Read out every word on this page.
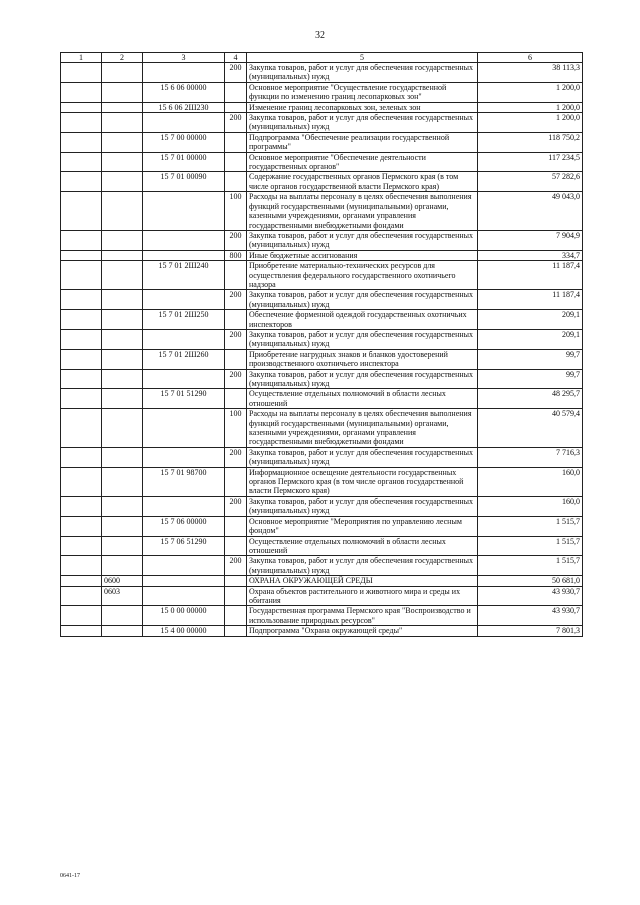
32
1	2	3	4	5	6
			200	Закупка товаров, работ и услуг для обеспечения государственных (муниципальных) нужд	38 113,3
		15 6 06 00000		Основное мероприятие "Осуществление государственной функции по изменению границ лесопарковых зон"	1 200,0
		15 6 06 2Ш230		Изменение границ лесопарковых зон, зеленых зон	1 200,0
			200	Закупка товаров, работ и услуг для обеспечения государственных (муниципальных) нужд	1 200,0
		15 7 00 00000		Подпрограмма "Обеспечение реализации государственной программы"	118 750,2
		15 7 01 00000		Основное мероприятие "Обеспечение деятельности государственных органов"	117 234,5
		15 7 01 00090		Содержание государственных органов Пермского края (в том числе органов государственной власти Пермского края)	57 282,6
			100	Расходы на выплаты персоналу в целях обеспечения выполнения функций государственными (муниципальными) органами, казенными учреждениями, органами управления государственными внебюджетными фондами	49 043,0
			200	Закупка товаров, работ и услуг для обеспечения государственных (муниципальных) нужд	7 904,9
			800	Иные бюджетные ассигнования	334,7
		15 7 01 2Ш240		Приобретение материально-технических ресурсов для осуществления федерального государственного охотничьего надзора	11 187,4
			200	Закупка товаров, работ и услуг для обеспечения государственных (муниципальных) нужд	11 187,4
		15 7 01 2Ш250		Обеспечение форменной одеждой государственных охотничьих инспекторов	209,1
			200	Закупка товаров, работ и услуг для обеспечения государственных (муниципальных) нужд	209,1
		15 7 01 2Ш260		Приобретение нагрудных знаков и бланков удостоверений производственного охотничьего инспектора	99,7
			200	Закупка товаров, работ и услуг для обеспечения государственных (муниципальных) нужд	99,7
		15 7 01 51290		Осуществление отдельных полномочий в области лесных отношений	48 295,7
			100	Расходы на выплаты персоналу в целях обеспечения выполнения функций государственными (муниципальными) органами, казенными учреждениями, органами управления государственными внебюджетными фондами	40 579,4
			200	Закупка товаров, работ и услуг для обеспечения государственных (муниципальных) нужд	7 716,3
		15 7 01 98700		Информационное освещение деятельности государственных органов Пермского края (в том числе органов государственной власти Пермского края)	160,0
			200	Закупка товаров, работ и услуг для обеспечения государственных (муниципальных) нужд	160,0
		15 7 06 00000		Основное мероприятие "Мероприятия по управлению лесным фондом"	1 515,7
		15 7 06 51290		Осуществление отдельных полномочий в области лесных отношений	1 515,7
			200	Закупка товаров, работ и услуг для обеспечения государственных (муниципальных) нужд	1 515,7
	0600			ОХРАНА ОКРУЖАЮЩЕЙ СРЕДЫ	50 681,0
	0603			Охрана объектов растительного и животного мира и среды их обитания	43 930,7
		15 0 00 00000		Государственная программа Пермского края "Воспроизводство и использование природных ресурсов"	43 930,7
		15 4 00 00000		Подпрограмма "Охрана окружающей среды"	7 801,3
0641-17
